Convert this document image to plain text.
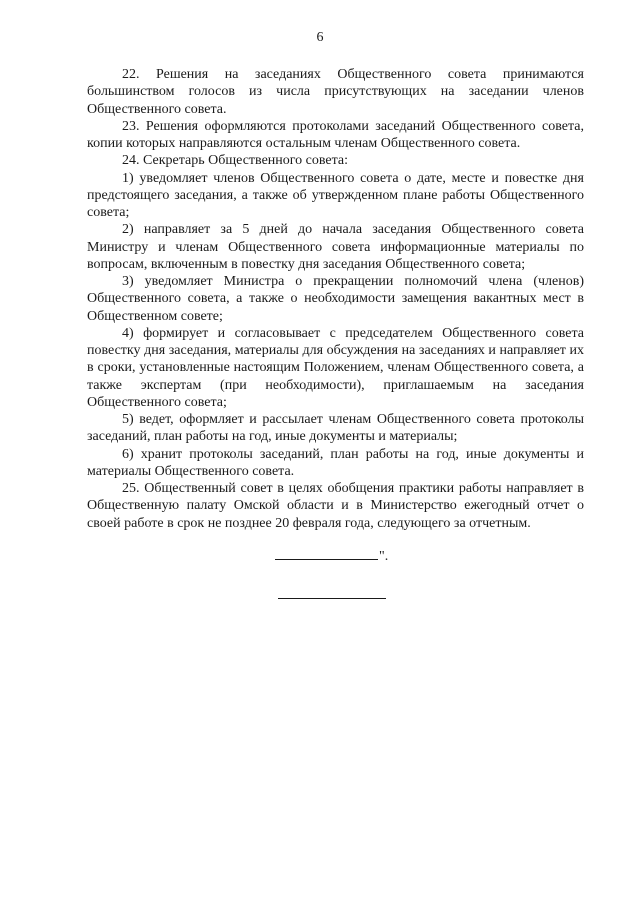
6

22. Решения на заседаниях Общественного совета принимаются большинством голосов из числа присутствующих на заседании членов Общественного совета.

23. Решения оформляются протоколами заседаний Общественного совета, копии которых направляются остальным членам Общественного совета.

24. Секретарь Общественного совета:

1) уведомляет членов Общественного совета о дате, месте и повестке дня предстоящего заседания, а также об утвержденном плане работы Общественного совета;

2) направляет за 5 дней до начала заседания Общественного совета Министру и членам Общественного совета информационные материалы по вопросам, включенным в повестку дня заседания Общественного совета;

3) уведомляет Министра о прекращении полномочий члена (членов) Общественного совета, а также о необходимости замещения вакантных мест в Общественном совете;

4) формирует и согласовывает с председателем Общественного совета повестку дня заседания, материалы для обсуждения на заседаниях и направляет их в сроки, установленные настоящим Положением, членам Общественного совета, а также экспертам (при необходимости), приглашаемым на заседания Общественного совета;

5) ведет, оформляет и рассылает членам Общественного совета протоколы заседаний, план работы на год, иные документы и материалы;

6) хранит протоколы заседаний, план работы на год, иные документы и материалы Общественного совета.

25. Общественный совет в целях обобщения практики работы направляет в Общественную палату Омской области и в Министерство ежегодный отчет о своей работе в срок не позднее 20 февраля года, следующего за отчетным.

".
